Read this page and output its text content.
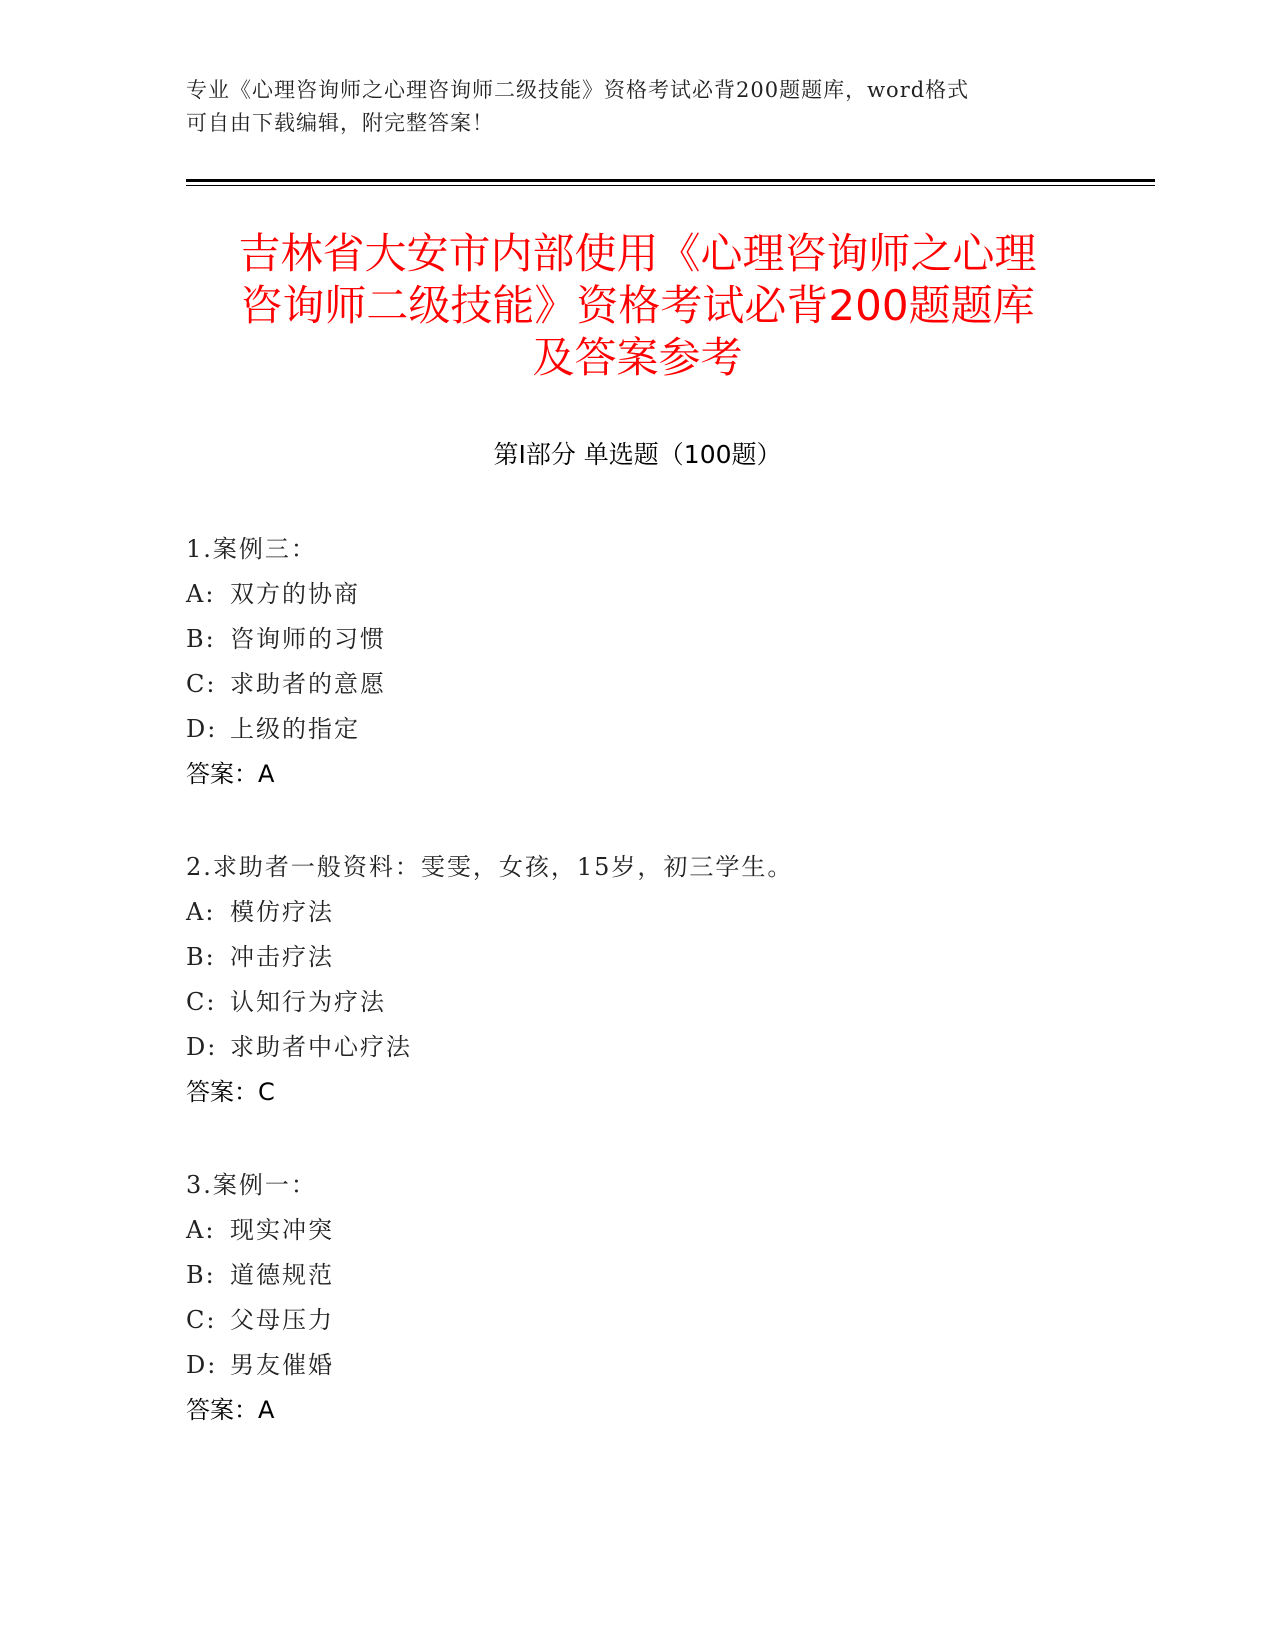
专业《心理咨询师之心理咨询师二级技能》资格考试必背200题题库，word格式
可自由下载编辑，附完整答案！
吉林省大安市内部使用《心理咨询师之心理
咨询师二级技能》资格考试必背200题题库
及答案参考
第Ⅰ部分 单选题（100题）
1.案例三：
A: 双方的协商
B: 咨询师的习惯
C: 求助者的意愿
D: 上级的指定
答案：A
2.求助者一般资料：雯雯，女孩，15岁，初三学生。
A: 模仿疗法
B: 冲击疗法
C: 认知行为疗法
D: 求助者中心疗法
答案：C
3.案例一：
A: 现实冲突
B: 道德规范
C: 父母压力
D: 男友催婚
答案：A
